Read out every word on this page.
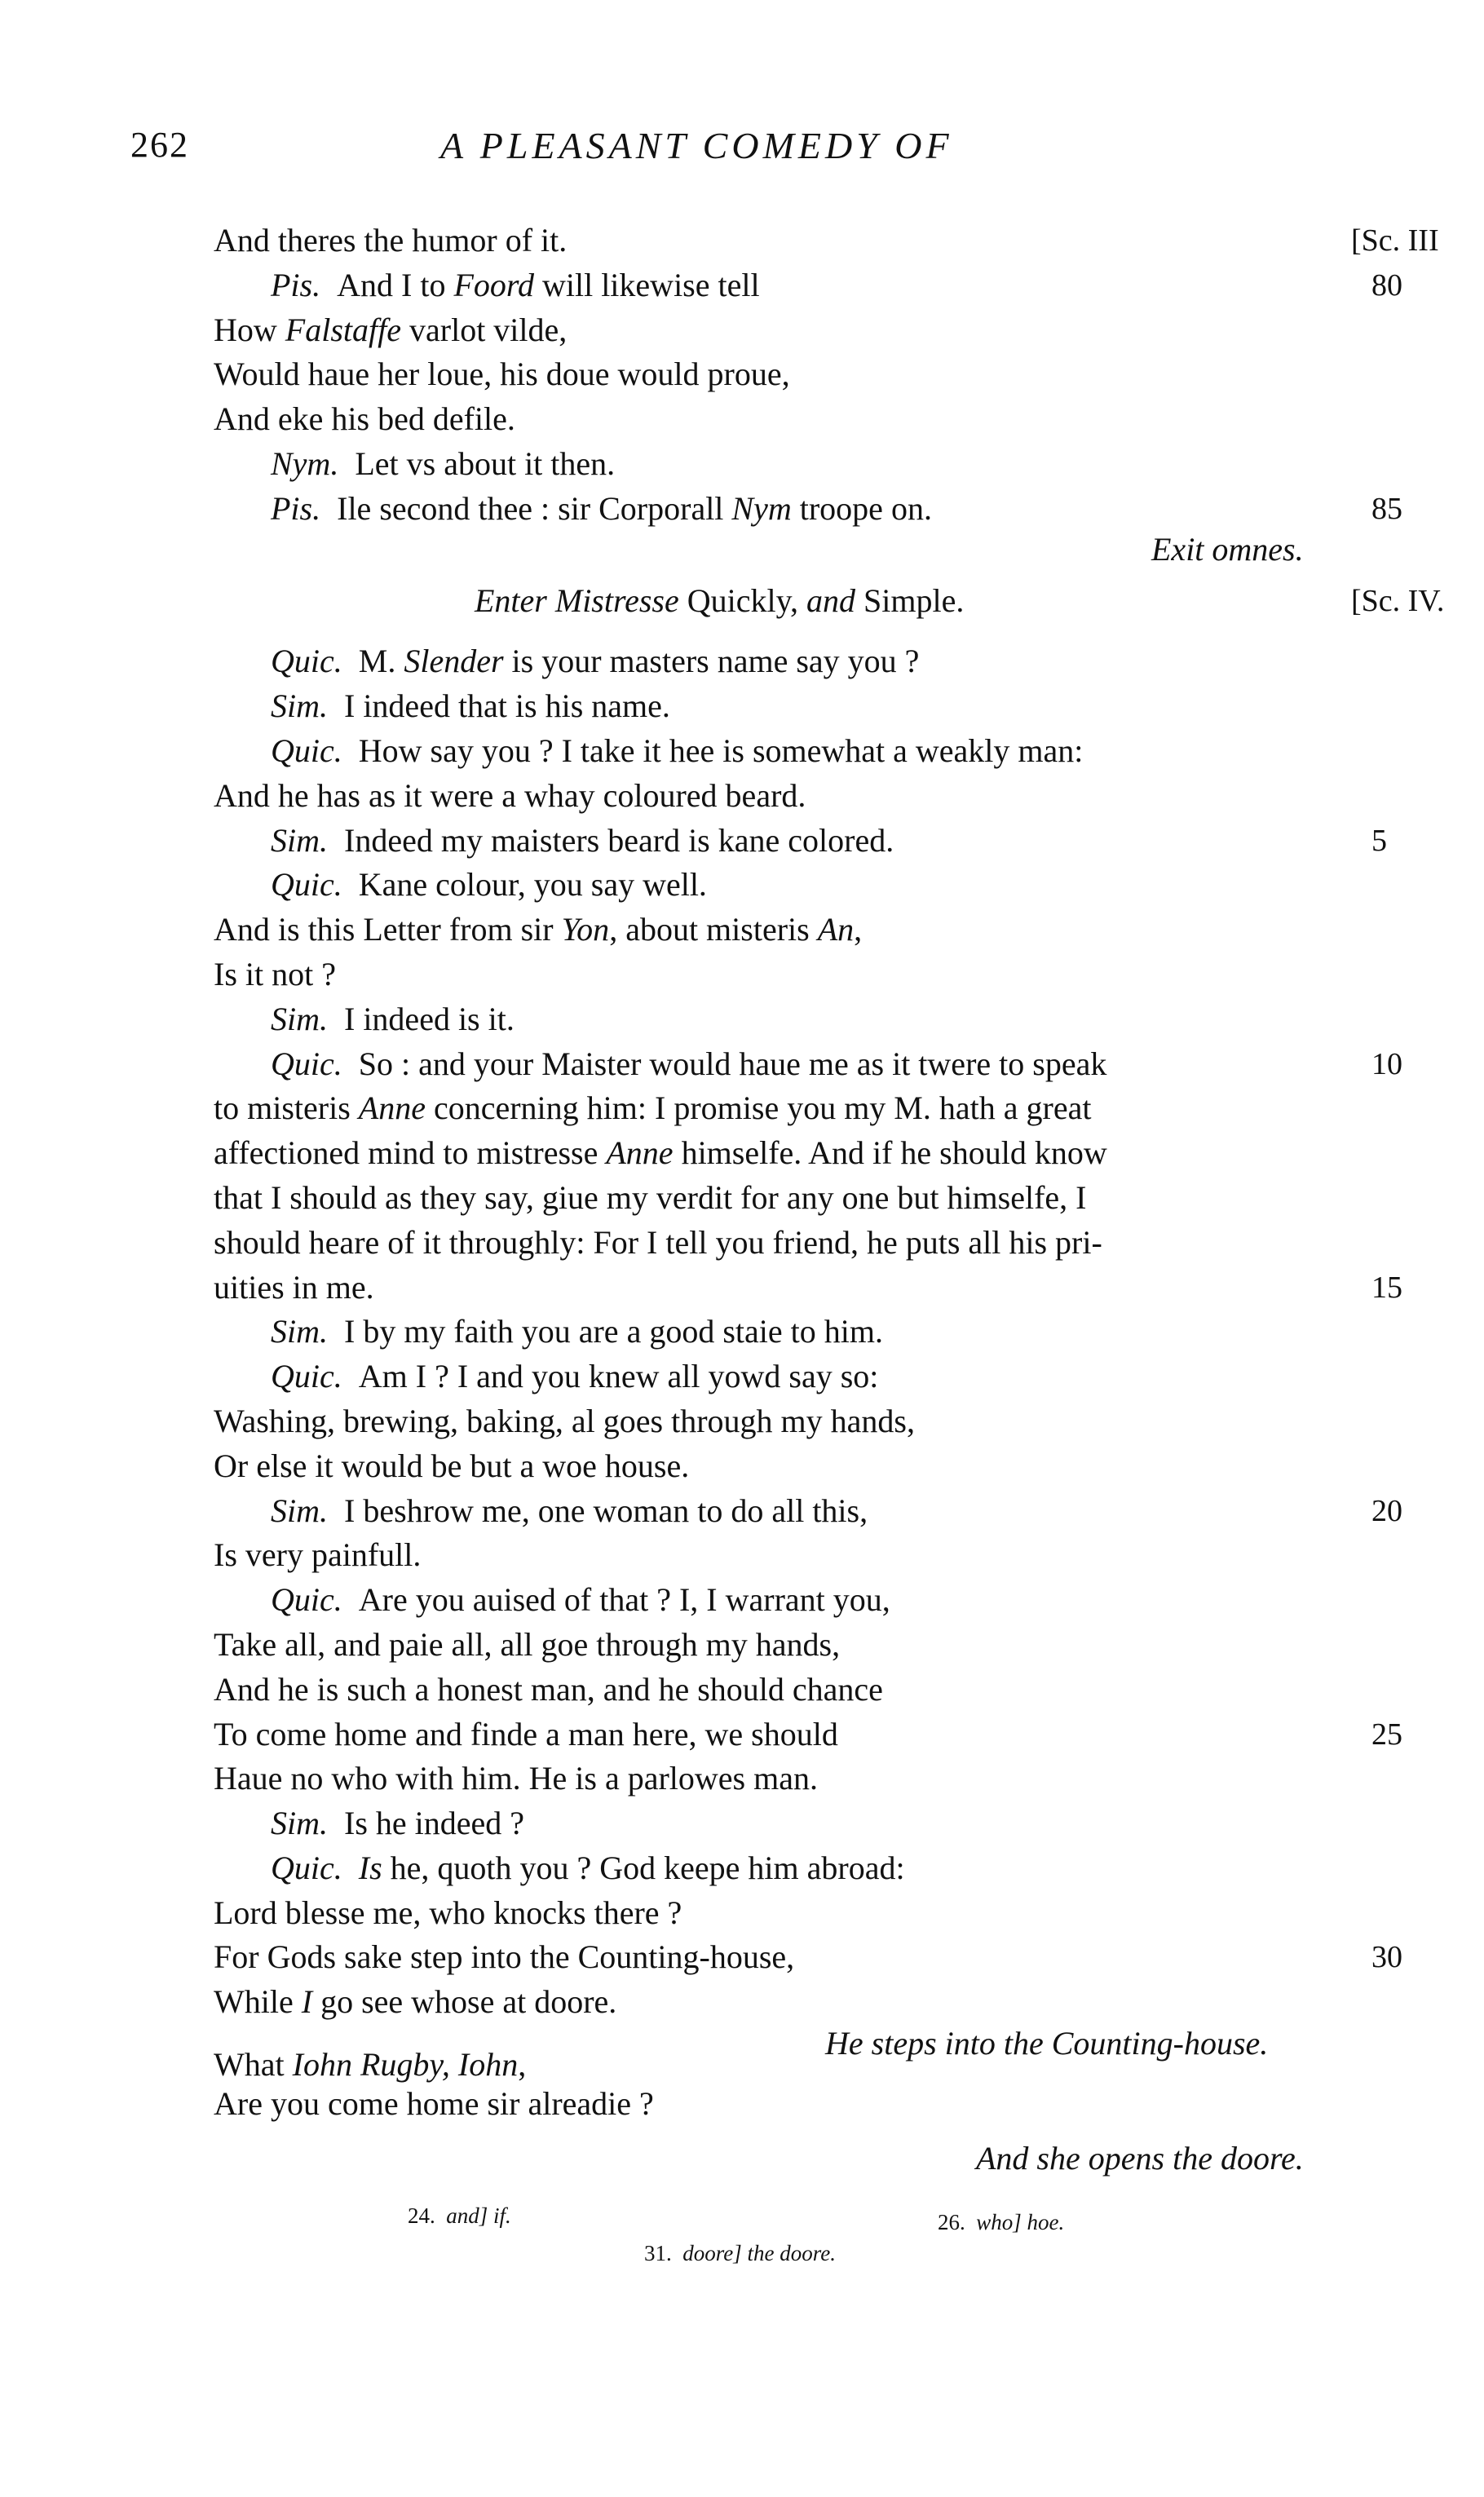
262	A PLEASANT COMEDY OF
And theres the humor of it.	[Sc. III
Pis. And I to Foord will likewise tell	80
How Falstaffe varlot vilde,
Would haue her loue, his doue would proue,
And eke his bed defile.
Nym. Let vs about it then.
Pis. Ile second thee : sir Corporall Nym troope on.	85
Exit omnes.
Enter Mistresse Quickly, and Simple.	[Sc. IV.
Quic. M. Slender is your masters name say you ?
Sim. I indeed that is his name.
Quic. How say you ? I take it hee is somewhat a weakly man:
And he has as it were a whay coloured beard.
Sim. Indeed my maisters beard is kane colored.	5
Quic. Kane colour, you say well.
And is this Letter from sir Yon, about misteris An,
Is it not ?
Sim. I indeed is it.
Quic. So : and your Maister would haue me as it twere to speak	10
to misteris Anne concerning him: I promise you my M. hath a great
affectioned mind to mistresse Anne himselfe. And if he should know
that I should as they say, giue my verdit for any one but himselfe, I
should heare of it throughly: For I tell you friend, he puts all his pri-
uities in me.	15
Sim. I by my faith you are a good staie to him.
Quic. Am I ? I and you knew all yowd say so:
Washing, brewing, baking, al goes through my hands,
Or else it would be but a woe house.
Sim. I beshrow me, one woman to do all this,	20
Is very painfull.
Quic. Are you auised of that ? I, I warrant you,
Take all, and paie all, all goe through my hands,
And he is such a honest man, and he should chance
To come home and finde a man here, we should	25
Haue no who with him. He is a parlowes man.
Sim. Is he indeed ?
Quic. Is he, quoth you ? God keepe him abroad:
Lord blesse me, who knocks there ?
For Gods sake step into the Counting-house,	30
While I go see whose at doore.
What Iohn Rugby, Iohn,
He steps into the Counting-house.
Are you come home sir alreadie ?
And she opens the doore.
24. and] if.	26. who] hoe.
31. doore] the doore.
